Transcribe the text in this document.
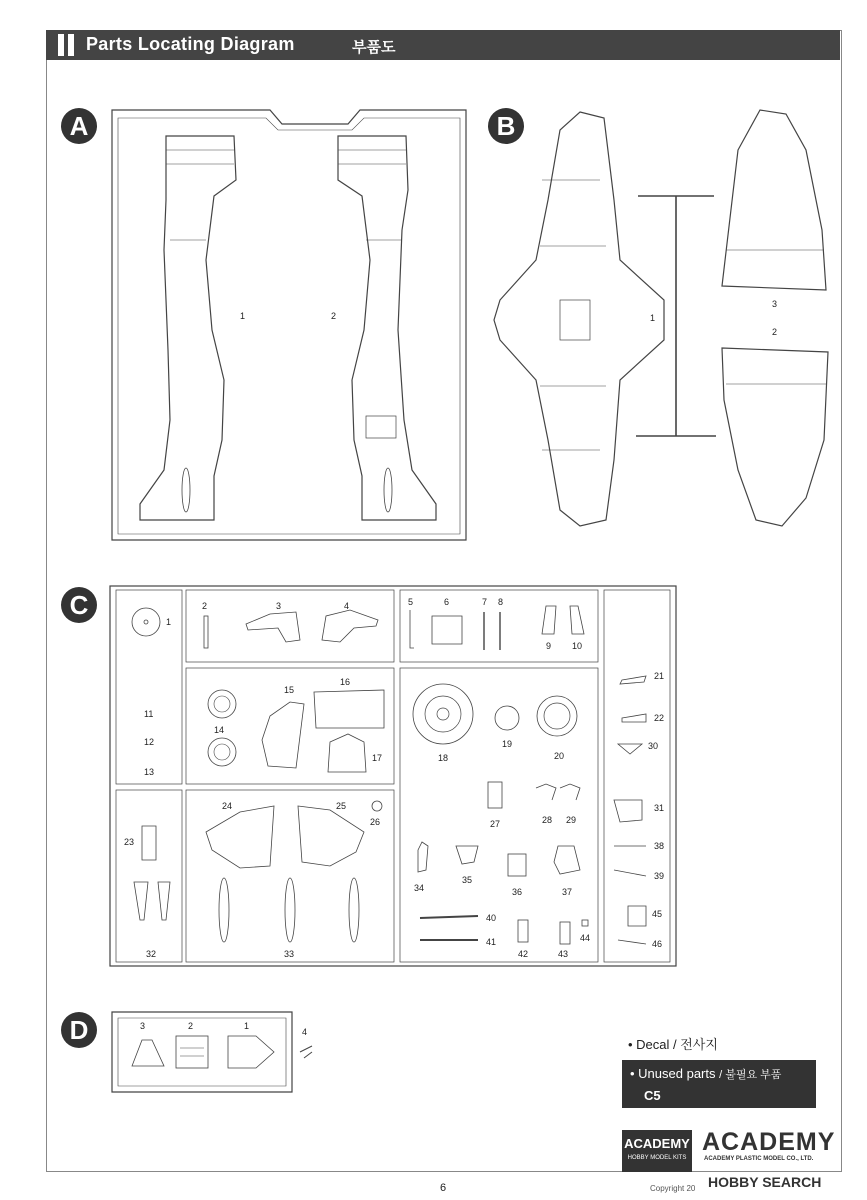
Parts Locating Diagram	부품도
A	B
C
D
1	2	1
3
2
1
2	3	4	5	6	7 8
9 10
11
12
13
14
15
16
17	18
19
20
21
22
23
24	25
26	27	28 29
30
31
32	33
34
35
36	37
38
39
40
41
42	43
44
45
46
3	2	1
4
• Decal / 전사지
• Unused parts / 불필요 부품
C5
ACADEMY
HOBBY MODEL KITS
ACADEMY
ACADEMY PLASTIC MODEL CO., LTD.
6	Copyright 20 HOBBY SEARCH
